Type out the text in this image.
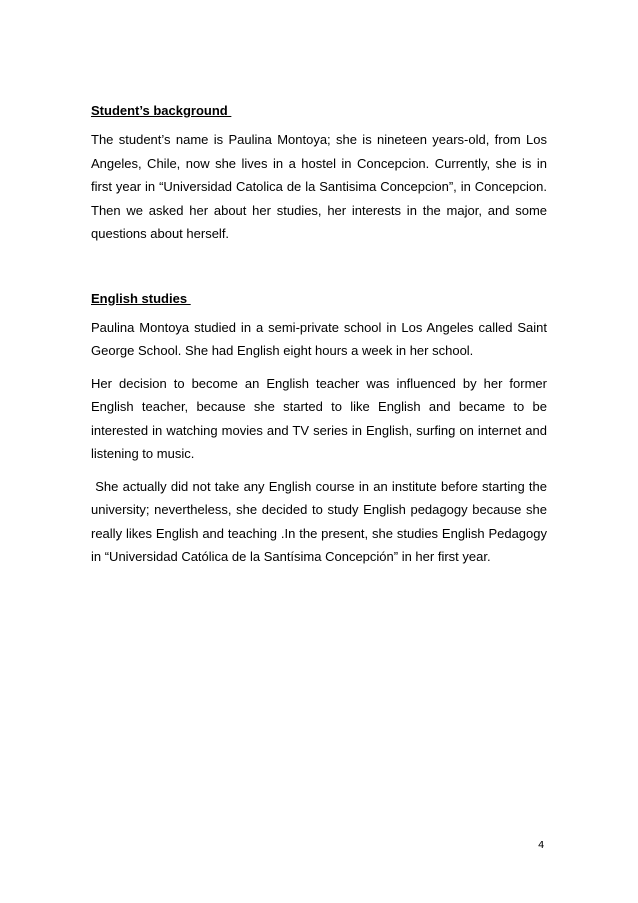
Student’s background

The student’s name is Paulina Montoya; she is nineteen years-old, from Los Angeles, Chile, now she lives in a hostel in Concepcion. Currently, she is in first year in “Universidad Catolica de la Santisima Concepcion”, in Concepcion. Then we asked her about her studies, her interests in the major, and some questions about herself.

English studies

Paulina Montoya studied in a semi-private school in Los Angeles called Saint George School. She had English eight hours a week in her school.

Her decision to become an English teacher was influenced by her former English teacher, because she started to like English and became to be interested in watching movies and TV series in English, surfing on internet and listening to music.

She actually did not take any English course in an institute before starting the university; nevertheless, she decided to study English pedagogy because she really likes English and teaching .In the present, she studies English Pedagogy in “Universidad Católica de la Santísima Concepción” in her first year.

4
